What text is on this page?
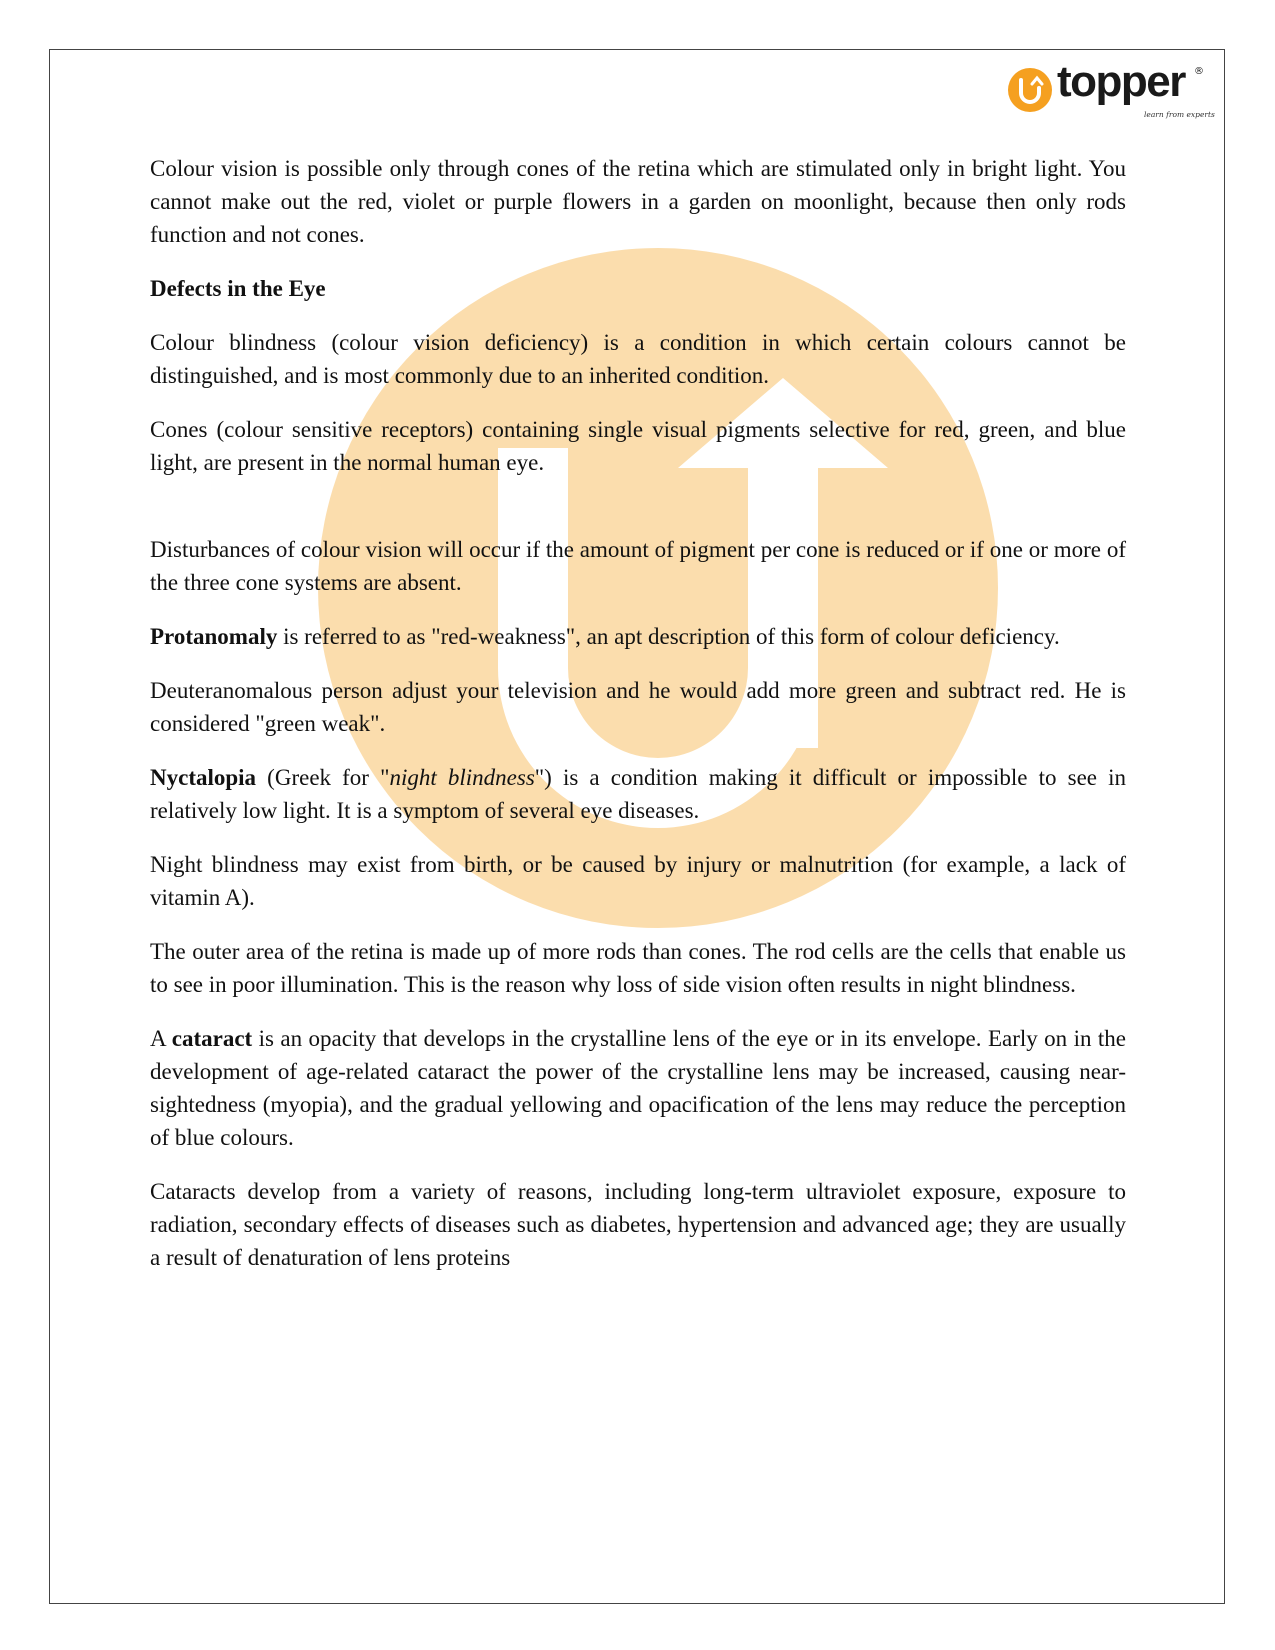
topper ®
learn from experts

Colour vision is possible only through cones of the retina which are stimulated only in bright light. You cannot make out the red, violet or purple flowers in a garden on moonlight, because then only rods function and not cones.

Defects in the Eye

Colour blindness (colour vision deficiency) is a condition in which certain colours cannot be distinguished, and is most commonly due to an inherited condition.

Cones (colour sensitive receptors) containing single visual pigments selective for red, green, and blue light, are present in the normal human eye.

Disturbances of colour vision will occur if the amount of pigment per cone is reduced or if one or more of the three cone systems are absent.

Protanomaly is referred to as "red-weakness", an apt description of this form of colour deficiency.

Deuteranomalous person adjust your television and he would add more green and subtract red. He is considered "green weak".

Nyctalopia (Greek for "night blindness") is a condition making it difficult or impossible to see in relatively low light. It is a symptom of several eye diseases.

Night blindness may exist from birth, or be caused by injury or malnutrition (for example, a lack of vitamin A).

The outer area of the retina is made up of more rods than cones. The rod cells are the cells that enable us to see in poor illumination. This is the reason why loss of side vision often results in night blindness.

A cataract is an opacity that develops in the crystalline lens of the eye or in its envelope. Early on in the development of age-related cataract the power of the crystalline lens may be increased, causing near-sightedness (myopia), and the gradual yellowing and opacification of the lens may reduce the perception of blue colours.

Cataracts develop from a variety of reasons, including long-term ultraviolet exposure, exposure to radiation, secondary effects of diseases such as diabetes, hypertension and advanced age; they are usually a result of denaturation of lens proteins
